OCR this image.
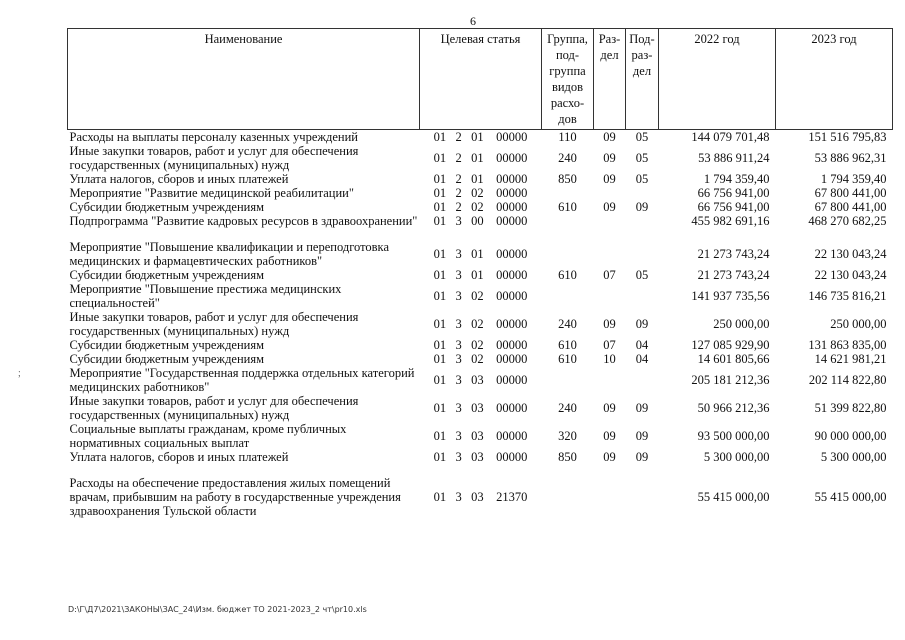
6
;
Наименование	Целевая статья	Группа, под-группа видов расхо-дов	Раз-дел	Под-раз-дел	2022 год	2023 год
Расходы на выплаты персоналу казенных учреждений	01 2 01 00000	110	09	05	144 079 701,48	151 516 795,83
Иные закупки товаров, работ и услуг для обеспечения государственных (муниципальных) нужд	01 2 01 00000	240	09	05	53 886 911,24	53 886 962,31
Уплата налогов, сборов и иных платежей	01 2 01 00000	850	09	05	1 794 359,40	1 794 359,40
Мероприятие "Развитие медицинской реабилитации"	01 2 02 00000				66 756 941,00	67 800 441,00
Субсидии бюджетным учреждениям	01 2 02 00000	610	09	09	66 756 941,00	67 800 441,00
Подпрограмма "Развитие кадровых ресурсов в здравоохранении"	01 3 00 00000				455 982 691,16	468 270 682,25

Мероприятие "Повышение квалификации и переподготовка медицинских и фармацевтических работников"	01 3 01 00000				21 273 743,24	22 130 043,24
Субсидии бюджетным учреждениям	01 3 01 00000	610	07	05	21 273 743,24	22 130 043,24
Мероприятие "Повышение престижа медицинских специальностей"	01 3 02 00000				141 937 735,56	146 735 816,21
Иные закупки товаров, работ и услуг для обеспечения государственных (муниципальных) нужд	01 3 02 00000	240	09	09	250 000,00	250 000,00
Субсидии бюджетным учреждениям	01 3 02 00000	610	07	04	127 085 929,90	131 863 835,00
Субсидии бюджетным учреждениям	01 3 02 00000	610	10	04	14 601 805,66	14 621 981,21
Мероприятие "Государственная поддержка отдельных категорий медицинских работников"	01 3 03 00000				205 181 212,36	202 114 822,80
Иные закупки товаров, работ и услуг для обеспечения государственных (муниципальных) нужд	01 3 03 00000	240	09	09	50 966 212,36	51 399 822,80
Социальные выплаты гражданам, кроме публичных нормативных социальных выплат	01 3 03 00000	320	09	09	93 500 000,00	90 000 000,00
Уплата налогов, сборов и иных платежей	01 3 03 00000	850	09	09	5 300 000,00	5 300 000,00

Расходы на обеспечение предоставления жилых помещений врачам, прибывшим на работу в государственные учреждения здравоохранения Тульской области	01 3 03 21370				55 415 000,00	55 415 000,00
D:\Г\Д7\2021\ЗАКОНЫ\ЗАС_24\Изм. бюджет ТО 2021-2023_2 чт\pr10.xls
